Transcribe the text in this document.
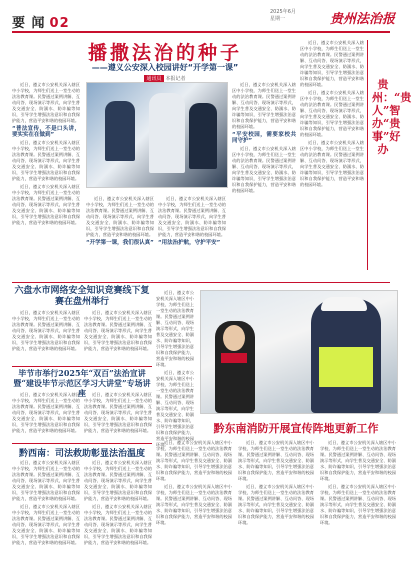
要 闻 02
2025年6月
星期一	贵州法治报
播撒法治的种子
——遵义公安深入校园讲好“开学第一课”
通讯员 本报记者

近日，遵义市公安机关深入辖区中小学校，为师生们送上一堂生动的法治教育课。民警通过案例讲解、互动问答、现场演示等形式，向学生普及交通安全、防溺水、防诈骗等知识，引导学生增强法治意识和自我保护能力，营造平安和谐的校园环境。

“普法宣传，不是口头讲，要实实在在做到”

近日，遵义市公安机关深入辖区中小学校，为师生们送上一堂生动的法治教育课。民警通过案例讲解、互动问答、现场演示等形式，向学生普及交通安全、防溺水、防诈骗等知识，引导学生增强法治意识和自我保护能力，营造平安和谐的校园环境。

近日，遵义市公安机关深入辖区中小学校，为师生们送上一堂生动的法治教育课。民警通过案例讲解、互动问答、现场演示等形式，向学生普及交通安全、防溺水、防诈骗等知识，引导学生增强法治意识和自我保护能力，营造平安和谐的校园环境。

近日，遵义市公安机关深入辖区中小学校，为师生们送上一堂生动的法治教育课。民警通过案例讲解、互动问答、现场演示等形式，向学生普及交通安全、防溺水、防诈骗等知识，引导学生增强法治意识和自我保护能力，营造平安和谐的校园环境。

“开学第一课，我们很认真”

近日，遵义市公安机关深入辖区中小学校，为师生们送上一堂生动的法治教育课。民警通过案例讲解、互动问答、现场演示等形式，向学生普及交通安全、防溺水、防诈骗等知识，引导学生增强法治意识和自我保护能力，营造平安和谐的校园环境。

“用法治护航，守护平安”

近日，遵义市公安机关深入辖区中小学校，为师生们送上一堂生动的法治教育课。民警通过案例讲解、互动问答、现场演示等形式，向学生普及交通安全、防溺水、防诈骗等知识，引导学生增强法治意识和自我保护能力，营造平安和谐的校园环境。

“平安校园，需要家校共同守护”

近日，遵义市公安机关深入辖区中小学校，为师生们送上一堂生动的法治教育课。民警通过案例讲解、互动问答、现场演示等形式，向学生普及交通安全、防溺水、防诈骗等知识，引导学生增强法治意识和自我保护能力，营造平安和谐的校园环境。

近日，遵义市公安机关深入辖区中小学校，为师生们送上一堂生动的法治教育课。民警通过案例讲解、互动问答、现场演示等形式，向学生普及交通安全、防溺水、防诈骗等知识，引导学生增强法治意识和自我保护能力，营造平安和谐的校园环境。

近日，遵义市公安机关深入辖区中小学校，为师生们送上一堂生动的法治教育课。民警通过案例讲解、互动问答、现场演示等形式，向学生普及交通安全、防溺水、防诈骗等知识，引导学生增强法治意识和自我保护能力，营造平安和谐的校园环境。

近日，遵义市公安机关深入辖区中小学校，为师生们送上一堂生动的法治教育课。民警通过案例讲解、互动问答、现场演示等形式，向学生普及交通安全、防溺水、防诈骗等知识，引导学生增强法治意识和自我保护能力，营造平安和谐的校园环境。

贵州：“贵人”智办“贵事”好办
六盘水市网络安全知识竞赛线下复赛在盘州举行

近日，遵义市公安机关深入辖区中小学校，为师生们送上一堂生动的法治教育课。民警通过案例讲解、互动问答、现场演示等形式，向学生普及交通安全、防溺水、防诈骗等知识，引导学生增强法治意识和自我保护能力，营造平安和谐的校园环境。

近日，遵义市公安机关深入辖区中小学校，为师生们送上一堂生动的法治教育课。民警通过案例讲解、互动问答、现场演示等形式，向学生普及交通安全、防溺水、防诈骗等知识，引导学生增强法治意识和自我保护能力，营造平安和谐的校园环境。

毕节市举行2025年“双百”法治宣讲暨“建设毕节示范区学习大讲堂”专场讲座

近日，遵义市公安机关深入辖区中小学校，为师生们送上一堂生动的法治教育课。民警通过案例讲解、互动问答、现场演示等形式，向学生普及交通安全、防溺水、防诈骗等知识，引导学生增强法治意识和自我保护能力，营造平安和谐的校园环境。

近日，遵义市公安机关深入辖区中小学校，为师生们送上一堂生动的法治教育课。民警通过案例讲解、互动问答、现场演示等形式，向学生普及交通安全、防溺水、防诈骗等知识，引导学生增强法治意识和自我保护能力，营造平安和谐的校园环境。

黔西南：司法救助彰显法治温度

近日，遵义市公安机关深入辖区中小学校，为师生们送上一堂生动的法治教育课。民警通过案例讲解、互动问答、现场演示等形式，向学生普及交通安全、防溺水、防诈骗等知识，引导学生增强法治意识和自我保护能力，营造平安和谐的校园环境。

近日，遵义市公安机关深入辖区中小学校，为师生们送上一堂生动的法治教育课。民警通过案例讲解、互动问答、现场演示等形式，向学生普及交通安全、防溺水、防诈骗等知识，引导学生增强法治意识和自我保护能力，营造平安和谐的校园环境。

近日，遵义市公安机关深入辖区中小学校，为师生们送上一堂生动的法治教育课。民警通过案例讲解、互动问答、现场演示等形式，向学生普及交通安全、防溺水、防诈骗等知识，引导学生增强法治意识和自我保护能力，营造平安和谐的校园环境。

近日，遵义市公安机关深入辖区中小学校，为师生们送上一堂生动的法治教育课。民警通过案例讲解、互动问答、现场演示等形式，向学生普及交通安全、防溺水、防诈骗等知识，引导学生增强法治意识和自我保护能力，营造平安和谐的校园环境。

近日，遵义市公安机关深入辖区中小学校，为师生们送上一堂生动的法治教育课。民警通过案例讲解、互动问答、现场演示等形式，向学生普及交通安全、防溺水、防诈骗等知识，引导学生增强法治意识和自我保护能力，营造平安和谐的校园环境。

近日，遵义市公安机关深入辖区中小学校，为师生们送上一堂生动的法治教育课。民警通过案例讲解、互动问答、现场演示等形式，向学生普及交通安全、防溺水、防诈骗等知识，引导学生增强法治意识和自我保护能力，营造平安和谐的校园环境。

黔东南消防开展宣传阵地更新工作

近日，遵义市公安机关深入辖区中小学校，为师生们送上一堂生动的法治教育课。民警通过案例讲解、互动问答、现场演示等形式，向学生普及交通安全、防溺水、防诈骗等知识，引导学生增强法治意识和自我保护能力，营造平安和谐的校园环境。

近日，遵义市公安机关深入辖区中小学校，为师生们送上一堂生动的法治教育课。民警通过案例讲解、互动问答、现场演示等形式，向学生普及交通安全、防溺水、防诈骗等知识，引导学生增强法治意识和自我保护能力，营造平安和谐的校园环境。

近日，遵义市公安机关深入辖区中小学校，为师生们送上一堂生动的法治教育课。民警通过案例讲解、互动问答、现场演示等形式，向学生普及交通安全、防溺水、防诈骗等知识，引导学生增强法治意识和自我保护能力，营造平安和谐的校园环境。

近日，遵义市公安机关深入辖区中小学校，为师生们送上一堂生动的法治教育课。民警通过案例讲解、互动问答、现场演示等形式，向学生普及交通安全、防溺水、防诈骗等知识，引导学生增强法治意识和自我保护能力，营造平安和谐的校园环境。

近日，遵义市公安机关深入辖区中小学校，为师生们送上一堂生动的法治教育课。民警通过案例讲解、互动问答、现场演示等形式，向学生普及交通安全、防溺水、防诈骗等知识，引导学生增强法治意识和自我保护能力，营造平安和谐的校园环境。

近日，遵义市公安机关深入辖区中小学校，为师生们送上一堂生动的法治教育课。民警通过案例讲解、互动问答、现场演示等形式，向学生普及交通安全、防溺水、防诈骗等知识，引导学生增强法治意识和自我保护能力，营造平安和谐的校园环境。
